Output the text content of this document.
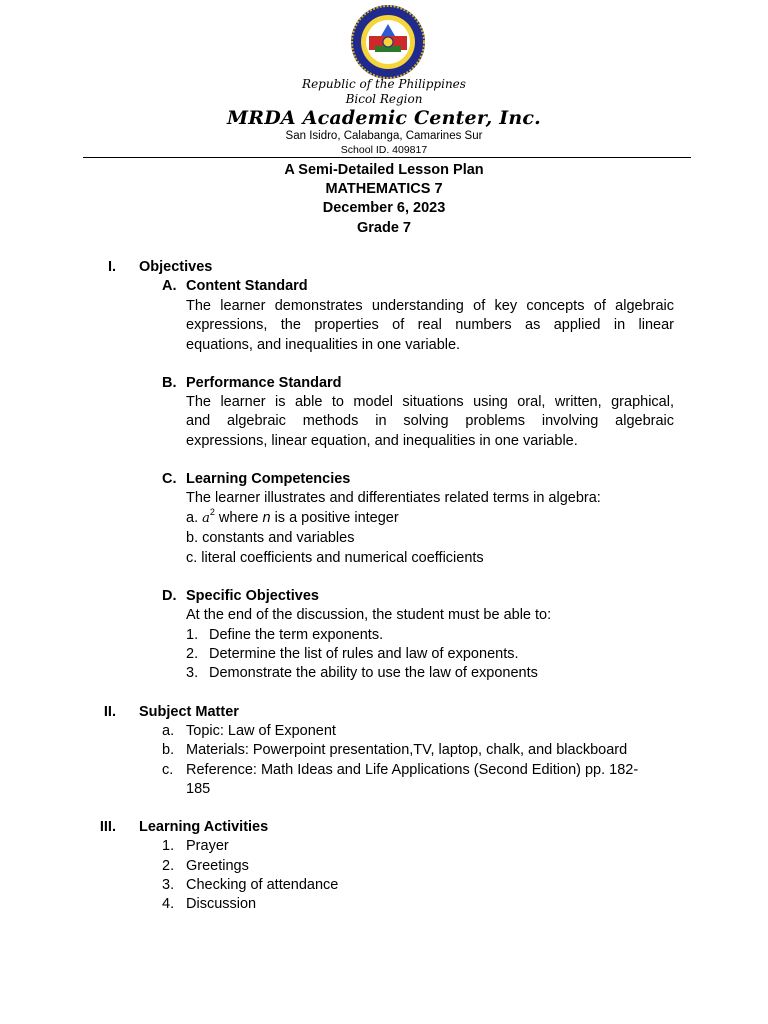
Republic of the Philippines
Bicol Region
MRDA Academic Center, Inc.
San Isidro, Calabanga, Camarines Sur
School ID. 409817
A Semi-Detailed Lesson Plan
MATHEMATICS 7
December 6, 2023
Grade 7
I. Objectives
A. Content Standard
The learner demonstrates understanding of key concepts of algebraic
expressions, the properties of real numbers as applied in linear
equations, and inequalities in one variable.
B. Performance Standard
The learner is able to model situations using oral, written, graphical,
and algebraic methods in solving problems involving algebraic
expressions, linear equation, and inequalities in one variable.
C. Learning Competencies
The learner illustrates and differentiates related terms in algebra:
a. $a^2$ where n is a positive integer
b. constants and variables
c. literal coefficients and numerical coefficients
D. Specific Objectives
At the end of the discussion, the student must be able to:
1. Define the term exponents.
2. Determine the list of rules and law of exponents.
3. Demonstrate the ability to use the law of exponents
II. Subject Matter
a. Topic: Law of Exponent
b. Materials: Powerpoint presentation,TV, laptop, chalk, and blackboard
c. Reference: Math Ideas and Life Applications (Second Edition) pp. 182-
185
III. Learning Activities
1. Prayer
2. Greetings
3. Checking of attendance
4. Discussion
